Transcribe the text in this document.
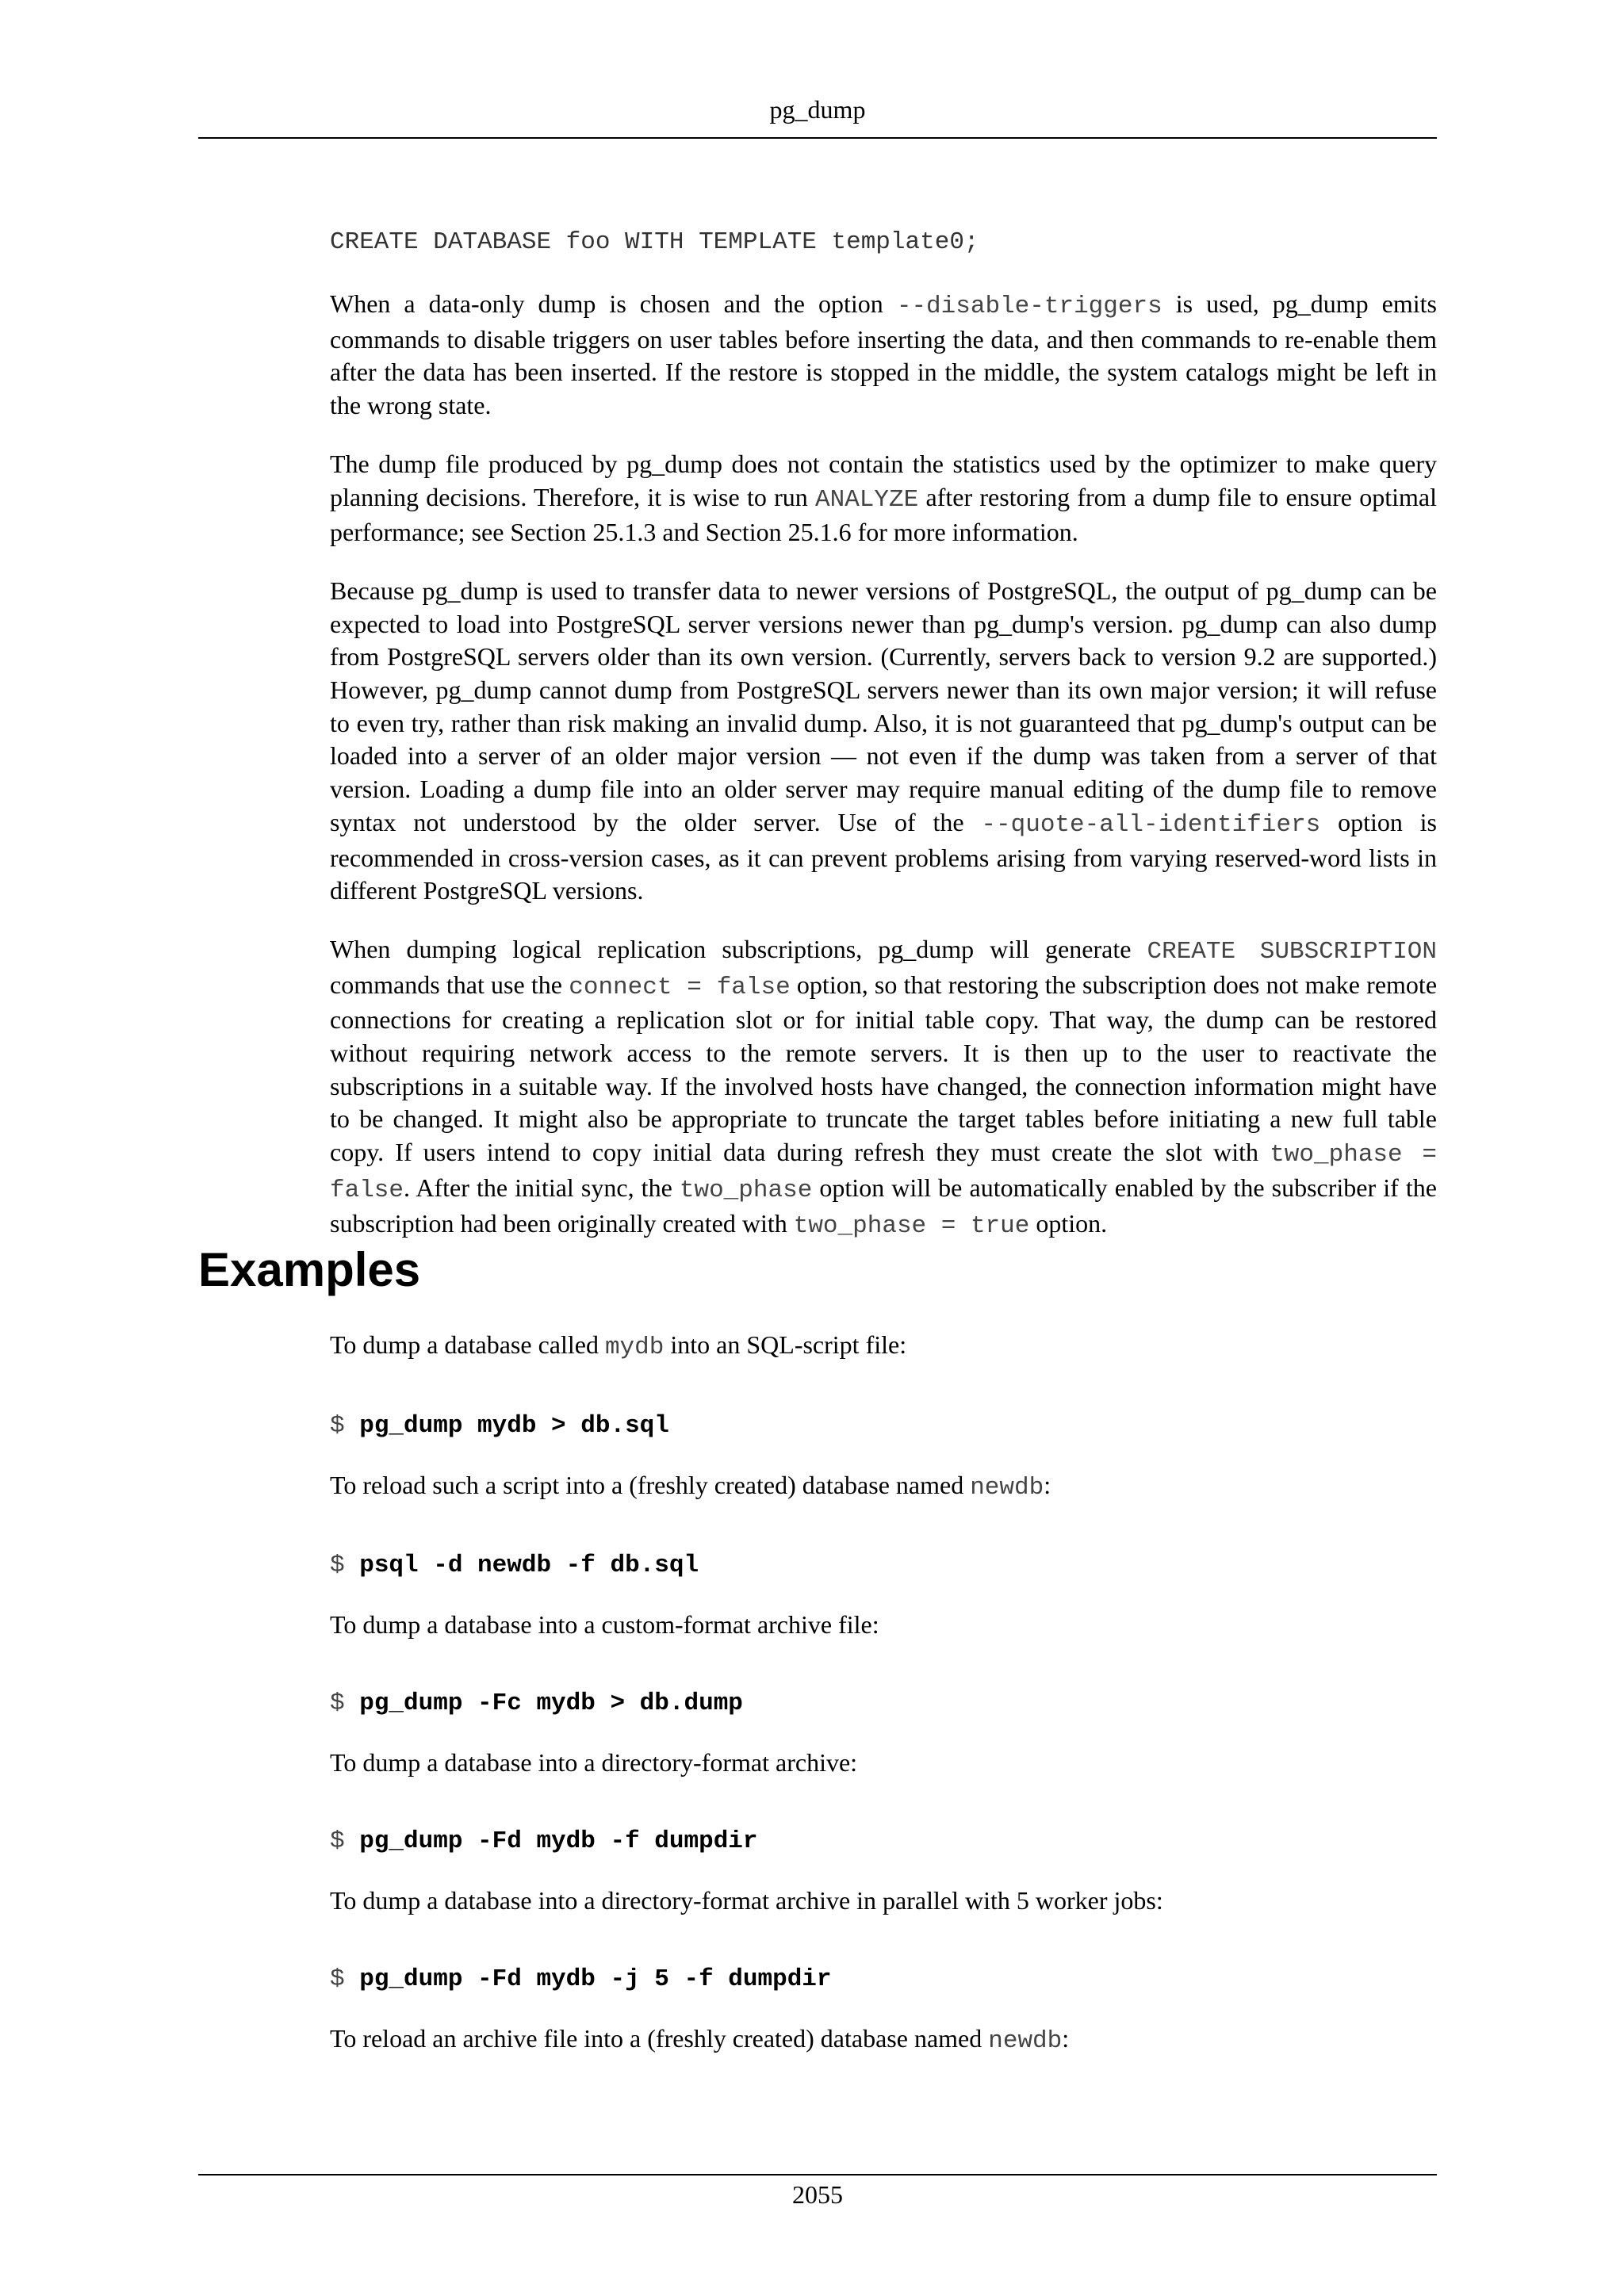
pg_dump
CREATE DATABASE foo WITH TEMPLATE template0;

When a data-only dump is chosen and the option --disable-triggers is used, pg_dump emits commands to disable triggers on user tables before inserting the data, and then commands to re-enable them after the data has been inserted. If the restore is stopped in the middle, the system catalogs might be left in the wrong state.

The dump file produced by pg_dump does not contain the statistics used by the optimizer to make query planning decisions. Therefore, it is wise to run ANALYZE after restoring from a dump file to ensure optimal performance; see Section 25.1.3 and Section 25.1.6 for more information.

Because pg_dump is used to transfer data to newer versions of PostgreSQL, the output of pg_dump can be expected to load into PostgreSQL server versions newer than pg_dump's version. pg_dump can also dump from PostgreSQL servers older than its own version. (Currently, servers back to version 9.2 are supported.) However, pg_dump cannot dump from PostgreSQL servers newer than its own major version; it will refuse to even try, rather than risk making an invalid dump. Also, it is not guaranteed that pg_dump's output can be loaded into a server of an older major version — not even if the dump was taken from a server of that version. Loading a dump file into an older server may require manual editing of the dump file to remove syntax not understood by the older server. Use of the --quote-all-identifiers option is recommended in cross-version cases, as it can prevent problems arising from varying reserved-word lists in different PostgreSQL versions.

When dumping logical replication subscriptions, pg_dump will generate CREATE SUBSCRIPTION commands that use the connect = false option, so that restoring the subscription does not make remote connections for creating a replication slot or for initial table copy. That way, the dump can be restored without requiring network access to the remote servers. It is then up to the user to reactivate the subscriptions in a suitable way. If the involved hosts have changed, the connection information might have to be changed. It might also be appropriate to truncate the target tables before initiating a new full table copy. If users intend to copy initial data during refresh they must create the slot with two_phase = false. After the initial sync, the two_phase option will be automatically enabled by the subscriber if the subscription had been originally created with two_phase = true option.

Examples

To dump a database called mydb into an SQL-script file:

$ pg_dump mydb > db.sql

To reload such a script into a (freshly created) database named newdb:

$ psql -d newdb -f db.sql

To dump a database into a custom-format archive file:

$ pg_dump -Fc mydb > db.dump

To dump a database into a directory-format archive:

$ pg_dump -Fd mydb -f dumpdir

To dump a database into a directory-format archive in parallel with 5 worker jobs:

$ pg_dump -Fd mydb -j 5 -f dumpdir

To reload an archive file into a (freshly created) database named newdb:

2055
